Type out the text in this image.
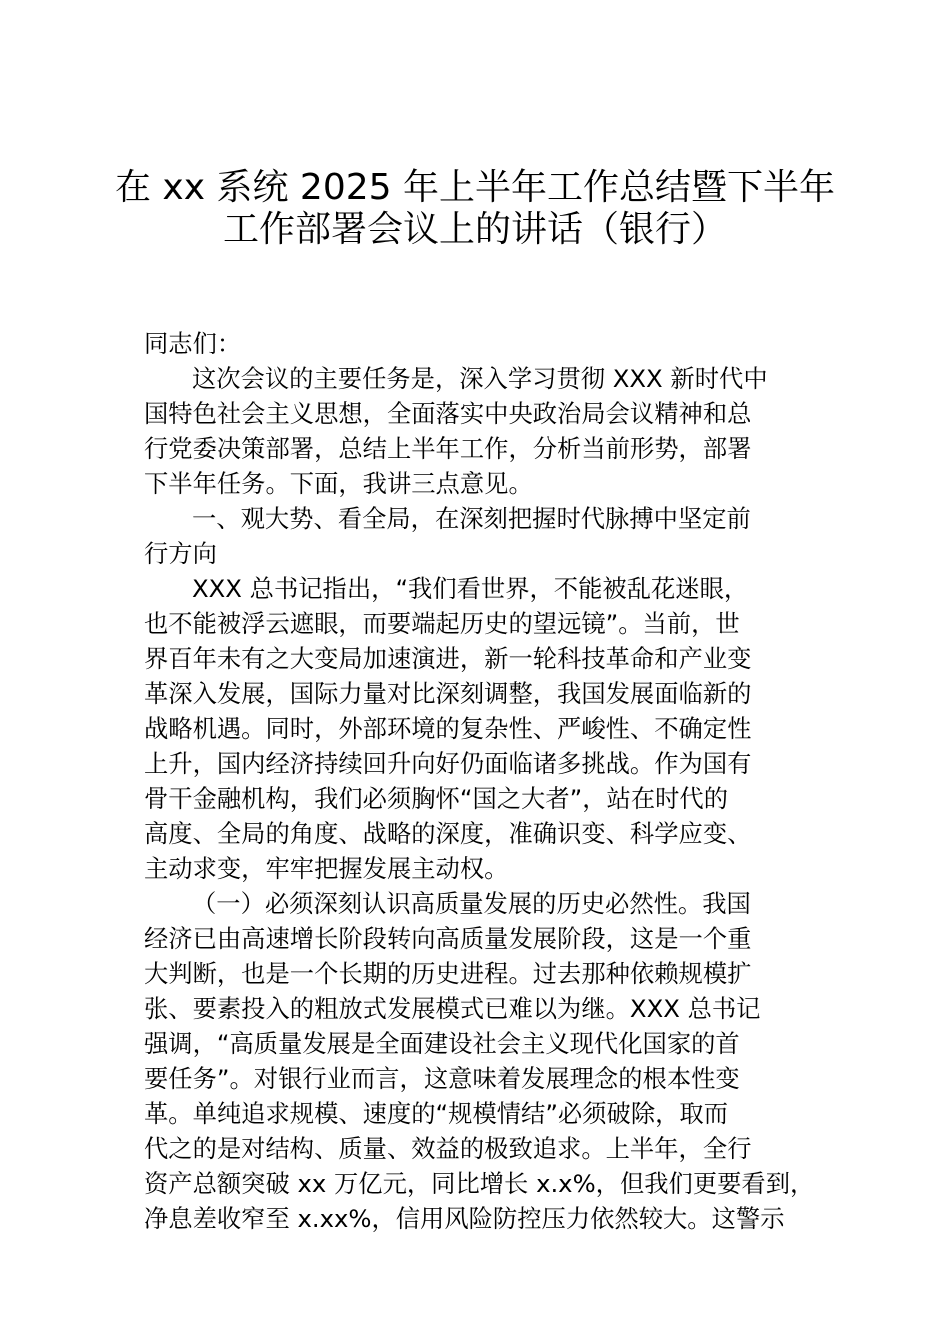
在 xx 系统 2025 年上半年工作总结暨下半年
工作部署会议上的讲话（银行）
同志们：
这次会议的主要任务是，深入学习贯彻 XXX 新时代中
国特色社会主义思想，全面落实中央政治局会议精神和总
行党委决策部署，总结上半年工作，分析当前形势，部署
下半年任务。下面，我讲三点意见。
一、观大势、看全局，在深刻把握时代脉搏中坚定前
行方向
XXX 总书记指出，“我们看世界，不能被乱花迷眼，
也不能被浮云遮眼，而要端起历史的望远镜”。当前，世
界百年未有之大变局加速演进，新一轮科技革命和产业变
革深入发展，国际力量对比深刻调整，我国发展面临新的
战略机遇。同时，外部环境的复杂性、严峻性、不确定性
上升，国内经济持续回升向好仍面临诸多挑战。作为国有
骨干金融机构，我们必须胸怀“国之大者”，站在时代的
高度、全局的角度、战略的深度，准确识变、科学应变、
主动求变，牢牢把握发展主动权。
（一）必须深刻认识高质量发展的历史必然性。我国
经济已由高速增长阶段转向高质量发展阶段，这是一个重
大判断，也是一个长期的历史进程。过去那种依赖规模扩
张、要素投入的粗放式发展模式已难以为继。XXX 总书记
强调，“高质量发展是全面建设社会主义现代化国家的首
要任务”。对银行业而言，这意味着发展理念的根本性变
革。单纯追求规模、速度的“规模情结”必须破除，取而
代之的是对结构、质量、效益的极致追求。上半年，全行
资产总额突破 xx 万亿元，同比增长 x.x%，但我们更要看到，
净息差收窄至 x.xx%，信用风险防控压力依然较大。这警示
